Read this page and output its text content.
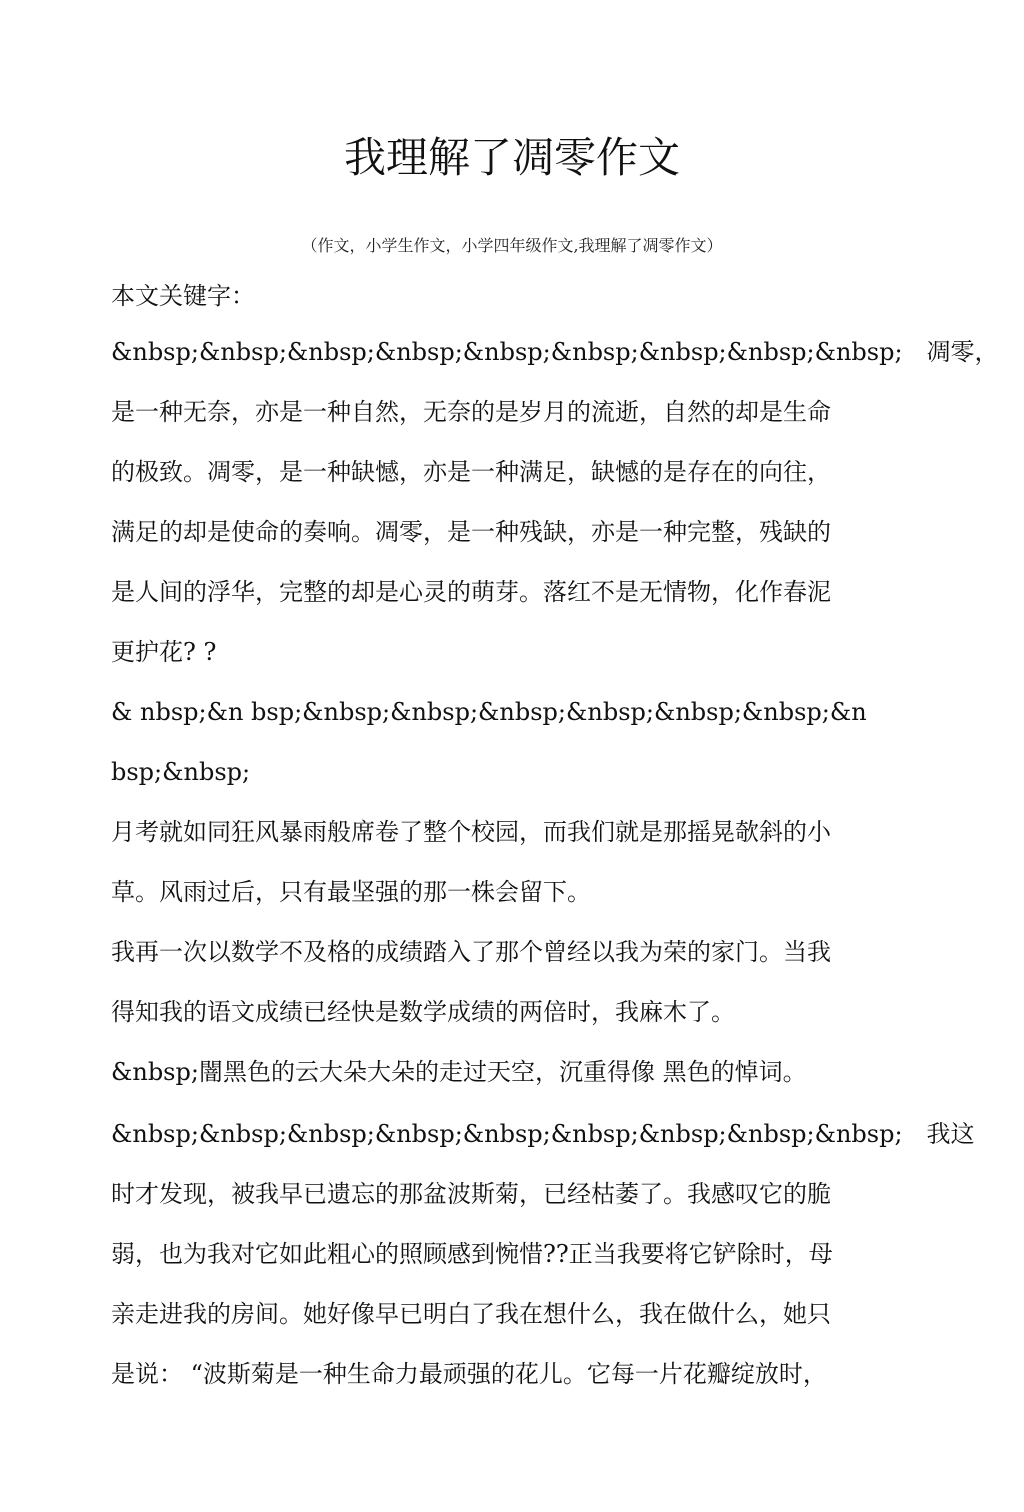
我理解了凋零作文
（作文，小学生作文，小学四年级作文,我理解了凋零作文）
本文关键字：
&nbsp;&nbsp;&nbsp;&nbsp;&nbsp;&nbsp;&nbsp;&nbsp;&nbsp;　凋零，
是一种无奈，亦是一种自然，无奈的是岁月的流逝，自然的却是生命
的极致。凋零，是一种缺憾，亦是一种满足，缺憾的是存在的向往，
满足的却是使命的奏响。凋零，是一种残缺，亦是一种完整，残缺的
是人间的浮华，完整的却是心灵的萌芽。落红不是无情物，化作春泥
更护花? ?
& nbsp;&n bsp;&nbsp;&nbsp;&nbsp;&nbsp;&nbsp;&nbsp;&n
bsp;&nbsp;
月考就如同狂风暴雨般席卷了整个校园，而我们就是那摇晃欹斜的小
草。风雨过后，只有最坚强的那一株会留下。
我再一次以数学不及格的成绩踏入了那个曾经以我为荣的家门。当我
得知我的语文成绩已经快是数学成绩的两倍时，我麻木了。
&nbsp;闇黑色的云大朵大朵的走过天空，沉重得像 黑色的悼词。
&nbsp;&nbsp;&nbsp;&nbsp;&nbsp;&nbsp;&nbsp;&nbsp;&nbsp;　我这
时才发现，被我早已遗忘的那盆波斯菊，已经枯萎了。我感叹它的脆
弱，也为我对它如此粗心的照顾感到惋惜??正当我要将它铲除时，母
亲走进我的房间。她好像早已明白了我在想什么，我在做什么，她只
是说： “波斯菊是一种生命力最顽强的花儿。它每一片花瓣绽放时，
